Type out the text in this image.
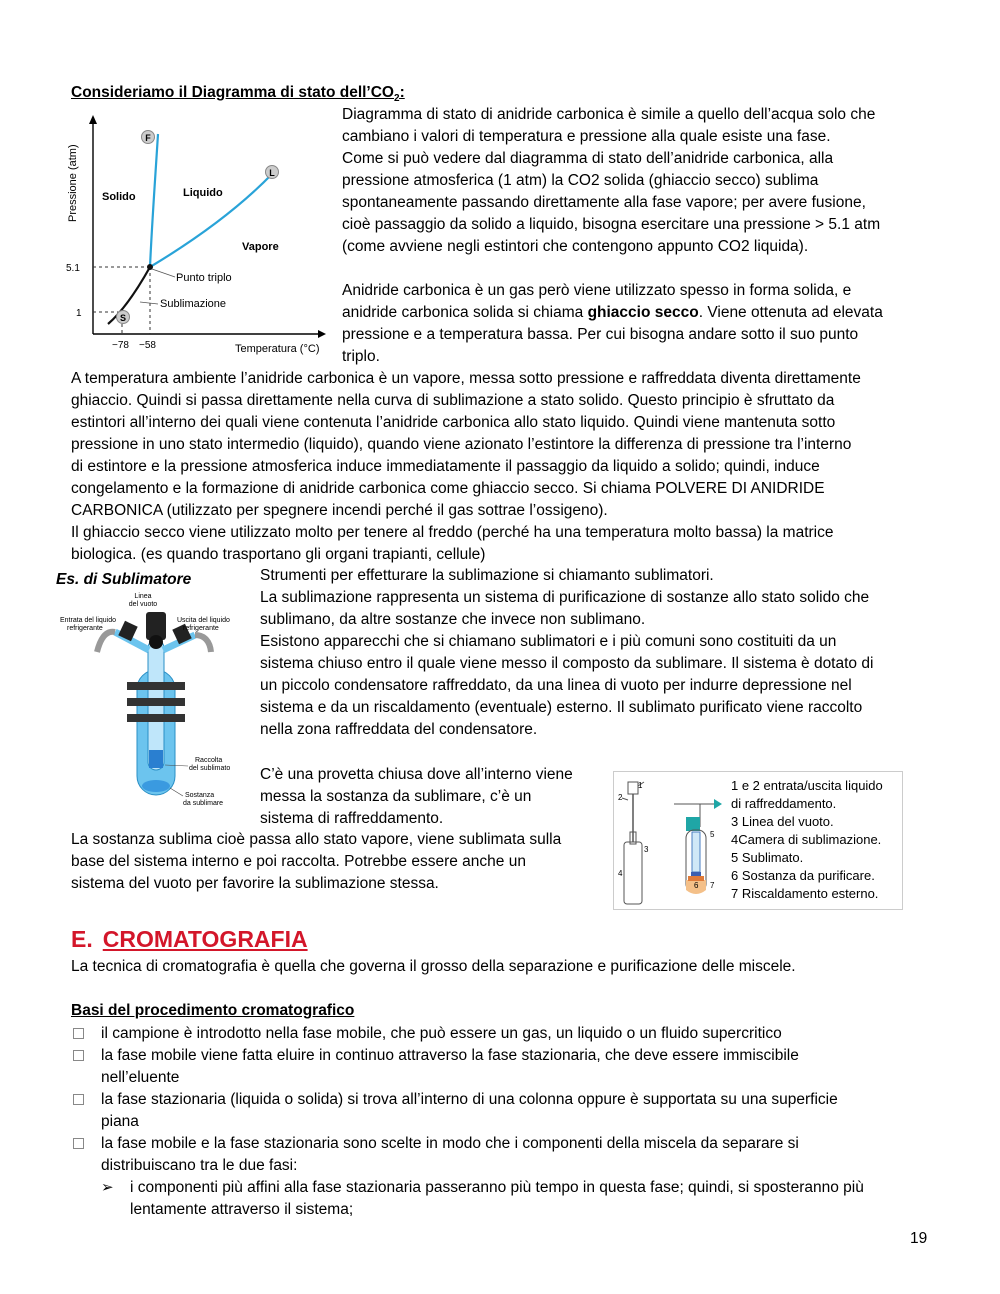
Consideriamo il Diagramma di stato $dell’CO_2$:
F
L
S
Solido	Liquido
Vapore
Punto triplo
Sublimazione
5.1
1
−78 −58	Temperatura (°C)
Pressione (atm)
Diagramma di stato di anidride carbonica è simile a quello dell’acqua solo che
cambiano i valori di temperatura e pressione alla quale esiste una fase.
Come si può vedere dal diagramma di stato dell’anidride carbonica, alla
pressione atmosferica (1 atm) la CO2 solida (ghiaccio secco) sublima
spontaneamente passando direttamente alla fase vapore; per avere fusione,
cioè passaggio da solido a liquido, bisogna esercitare una pressione > 5.1 atm
(come avviene negli estintori che contengono appunto CO2 liquida).
Anidride carbonica è un gas però viene utilizzato spesso in forma solida, e
anidride carbonica solida si chiama ghiaccio secco. Viene ottenuta ad elevata
pressione e a temperatura bassa. Per cui bisogna andare sotto il suo punto
triplo.
A temperatura ambiente l’anidride carbonica è un vapore, messa sotto pressione e raffreddata diventa direttamente
ghiaccio. Quindi si passa direttamente nella curva di sublimazione a stato solido. Questo principio è sfruttato da
estintori all’interno dei quali viene contenuta l’anidride carbonica allo stato liquido. Quindi viene mantenuta sotto
pressione in uno stato intermedio (liquido), quando viene azionato l’estintore la differenza di pressione tra l’interno
di estintore e la pressione atmosferica induce immediatamente il passaggio da liquido a solido; quindi, induce
congelamento e la formazione di anidride carbonica come ghiaccio secco. Si chiama POLVERE DI ANIDRIDE
CARBONICA (utilizzato per spegnere incendi perché il gas sottrae l’ossigeno).
Il ghiaccio secco viene utilizzato molto per tenere al freddo (perché ha una temperatura molto bassa) la matrice
biologica. (es quando trasportano gli organi trapianti, cellule)
Es. di Sublimatore
Linea
del vuoto
Entrata del liquido
refrigerante
Uscita del liquido
refrigerante
Raccolta
del sublimato
Sostanza
da sublimare
Strumenti per effetturare la sublimazione si chiamanto sublimatori.
La sublimazione rappresenta un sistema di purificazione di sostanze allo stato solido che
sublimano, da altre sostanze che invece non sublimano.
Esistono apparecchi che si chiamano sublimatori e i più comuni sono costituiti da un
sistema chiuso entro il quale viene messo il composto da sublimare. Il sistema è dotato di
un piccolo condensatore raffreddato, da una linea di vuoto per indurre depressione nel
sistema e da un riscaldamento (eventuale) esterno. Il sublimato purificato viene raccolto
nella zona raffreddata del condensatore.
C’è una provetta chiusa dove all’interno viene
messa la sostanza da sublimare, c’è un
sistema di raffreddamento.
La sostanza sublima cioè passa allo stato vapore, viene sublimata sulla
base del sistema interno e poi raccolta. Potrebbe essere anche un
sistema del vuoto per favorire la sublimazione stessa.
1
2
3
4
5
6 7
1 e 2 entrata/uscita liquido
di raffreddamento.
3 Linea del vuoto.
4Camera di sublimazione.
5 Sublimato.
6 Sostanza da purificare.
7 Riscaldamento esterno.
E. CROMATOGRAFIA
La tecnica di cromatografia è quella che governa il grosso della separazione e purificazione delle miscele.
Basi del procedimento cromatografico
il campione è introdotto nella fase mobile, che può essere un gas, un liquido o un fluido supercritico
la fase mobile viene fatta eluire in continuo attraverso la fase stazionaria, che deve essere immiscibile
nell’eluente
la fase stazionaria (liquida o solida) si trova all’interno di una colonna oppure è supportata su una superficie
piana
la fase mobile e la fase stazionaria sono scelte in modo che i componenti della miscela da separare si
distribuiscano tra le due fasi:
➢ i componenti più affini alla fase stazionaria passeranno più tempo in questa fase; quindi, si sposteranno più
lentamente attraverso il sistema;
19
